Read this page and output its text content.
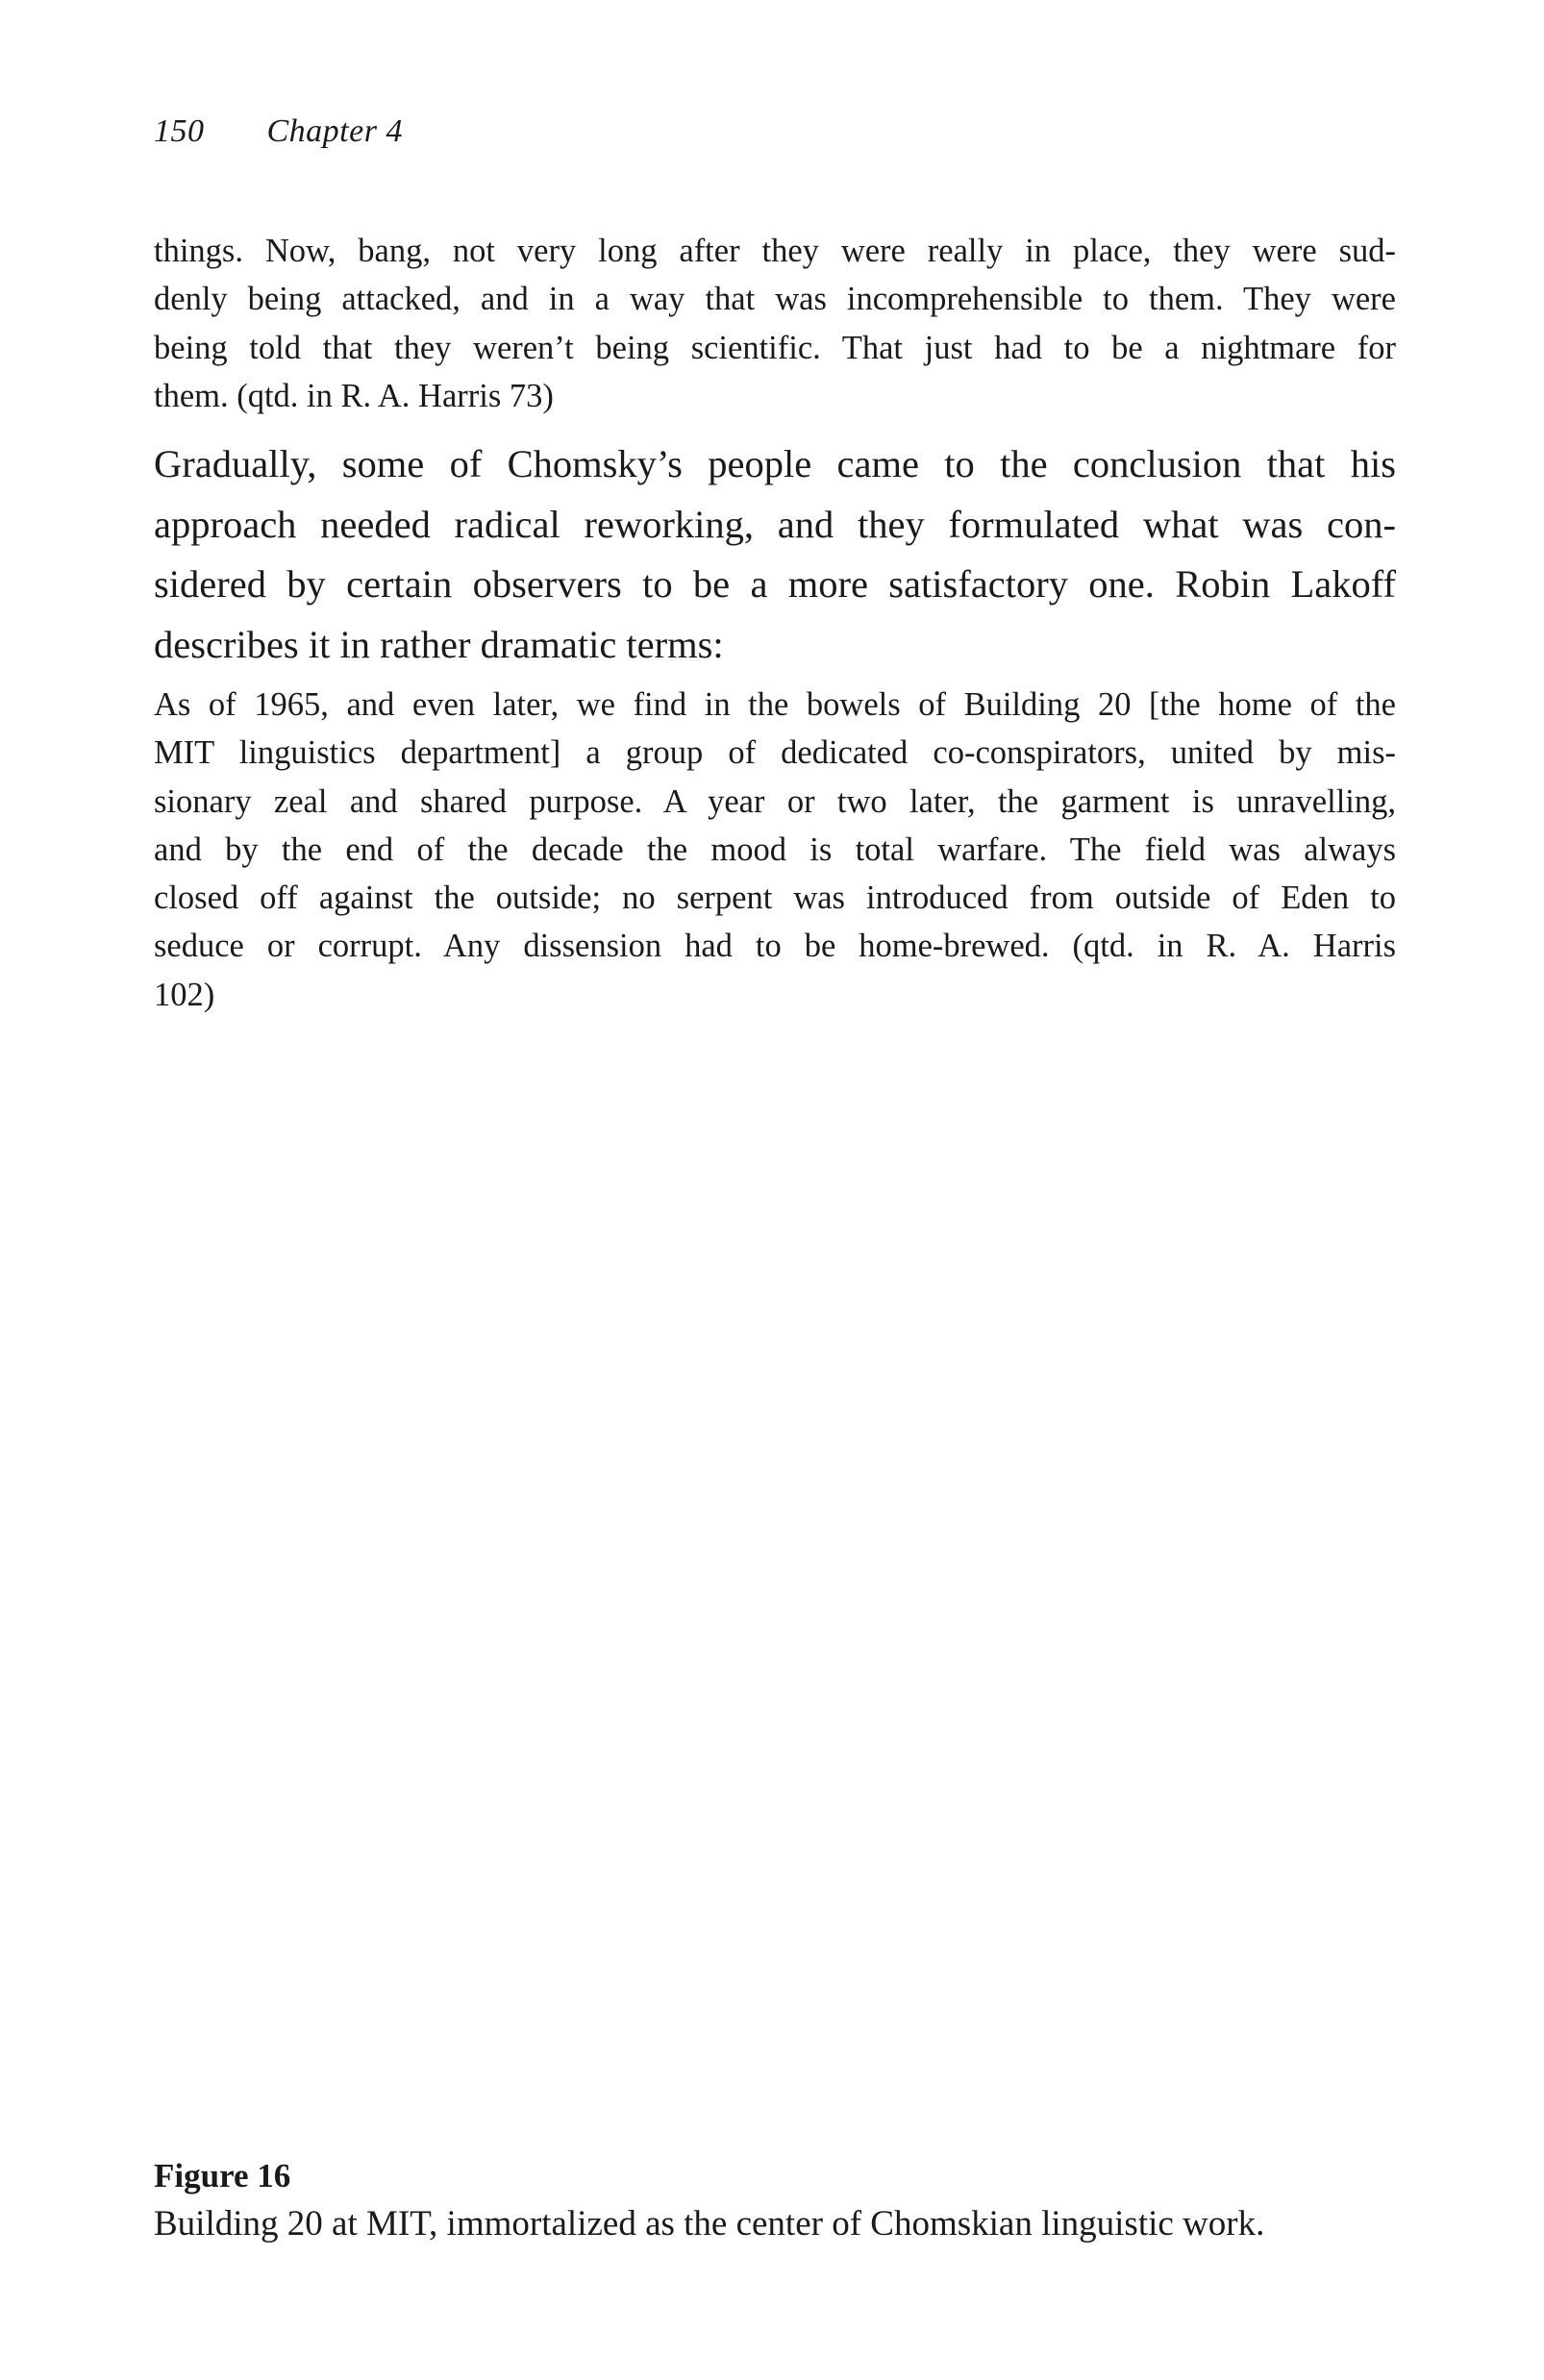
150 Chapter 4
things. Now, bang, not very long after they were really in place, they were sud-
denly being attacked, and in a way that was incomprehensible to them. They were
being told that they weren’t being scientific. That just had to be a nightmare for
them. (qtd. in R. A. Harris 73)
Gradually, some of Chomsky’s people came to the conclusion that his
approach needed radical reworking, and they formulated what was con-
sidered by certain observers to be a more satisfactory one. Robin Lakoff
describes it in rather dramatic terms:
As of 1965, and even later, we find in the bowels of Building 20 [the home of the
MIT linguistics department] a group of dedicated co-conspirators, united by mis-
sionary zeal and shared purpose. A year or two later, the garment is unravelling,
and by the end of the decade the mood is total warfare. The field was always
closed off against the outside; no serpent was introduced from outside of Eden to
seduce or corrupt. Any dissension had to be home-brewed. (qtd. in R. A. Harris
102)
Figure 16
Building 20 at MIT, immortalized as the center of Chomskian linguistic work.
